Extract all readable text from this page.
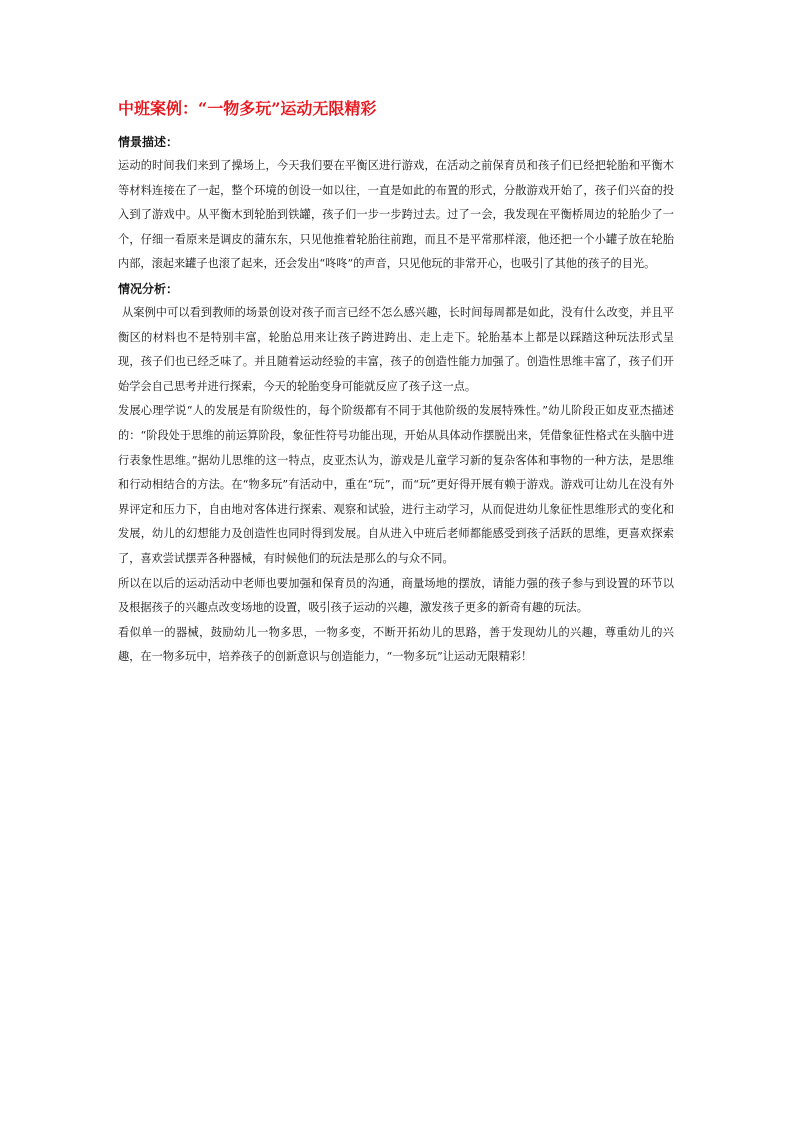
中班案例：“一物多玩”运动无限精彩

情景描述：

运动的时间我们来到了操场上，今天我们要在平衡区进行游戏，在活动之前保育员和孩子们已经把轮胎和平衡木等材料连接在了一起，整个环境的创设一如以往，一直是如此的布置的形式，分散游戏开始了，孩子们兴奋的投入到了游戏中。从平衡木到轮胎到铁罐，孩子们一步一步跨过去。过了一会，我发现在平衡桥周边的轮胎少了一个，仔细一看原来是调皮的蒲东东，只见他推着轮胎往前跑，而且不是平常那样滚，他还把一个小罐子放在轮胎内部，滚起来罐子也滚了起来，还会发出“咚咚”的声音，只见他玩的非常开心，也吸引了其他的孩子的目光。

情况分析：

从案例中可以看到教师的场景创设对孩子而言已经不怎么感兴趣，长时间每周都是如此，没有什么改变，并且平衡区的材料也不是特别丰富，轮胎总用来让孩子跨进跨出、走上走下。轮胎基本上都是以踩踏这种玩法形式呈现，孩子们也已经乏味了。并且随着运动经验的丰富，孩子的创造性能力加强了。创造性思维丰富了，孩子们开始学会自己思考并进行探索，今天的轮胎变身可能就反应了孩子这一点。

发展心理学说“人的发展是有阶级性的，每个阶级都有不同于其他阶级的发展特殊性。”幼儿阶段正如皮亚杰描述的：“阶段处于思维的前运算阶段，象征性符号功能出现，开始从具体动作摆脱出来，凭借象征性格式在头脑中进行表象性思维。”据幼儿思维的这一特点，皮亚杰认为，游戏是儿童学习新的复杂客体和事物的一种方法，是思维和行动相结合的方法。在“物多玩”有活动中，重在“玩”，而“玩”更好得开展有赖于游戏。游戏可让幼儿在没有外界评定和压力下，自由地对客体进行探索、观察和试验，进行主动学习，从而促进幼儿象征性思维形式的变化和发展，幼儿的幻想能力及创造性也同时得到发展。自从进入中班后老师都能感受到孩子活跃的思维，更喜欢探索了，喜欢尝试摆弄各种器械，有时候他们的玩法是那么的与众不同。

所以在以后的运动活动中老师也要加强和保育员的沟通，商量场地的摆放，请能力强的孩子参与到设置的环节以及根据孩子的兴趣点改变场地的设置，吸引孩子运动的兴趣，激发孩子更多的新奇有趣的玩法。

看似单一的器械，鼓励幼儿一物多思，一物多变，不断开拓幼儿的思路，善于发现幼儿的兴趣，尊重幼儿的兴趣，在一物多玩中，培养孩子的创新意识与创造能力，“一物多玩”让运动无限精彩！
